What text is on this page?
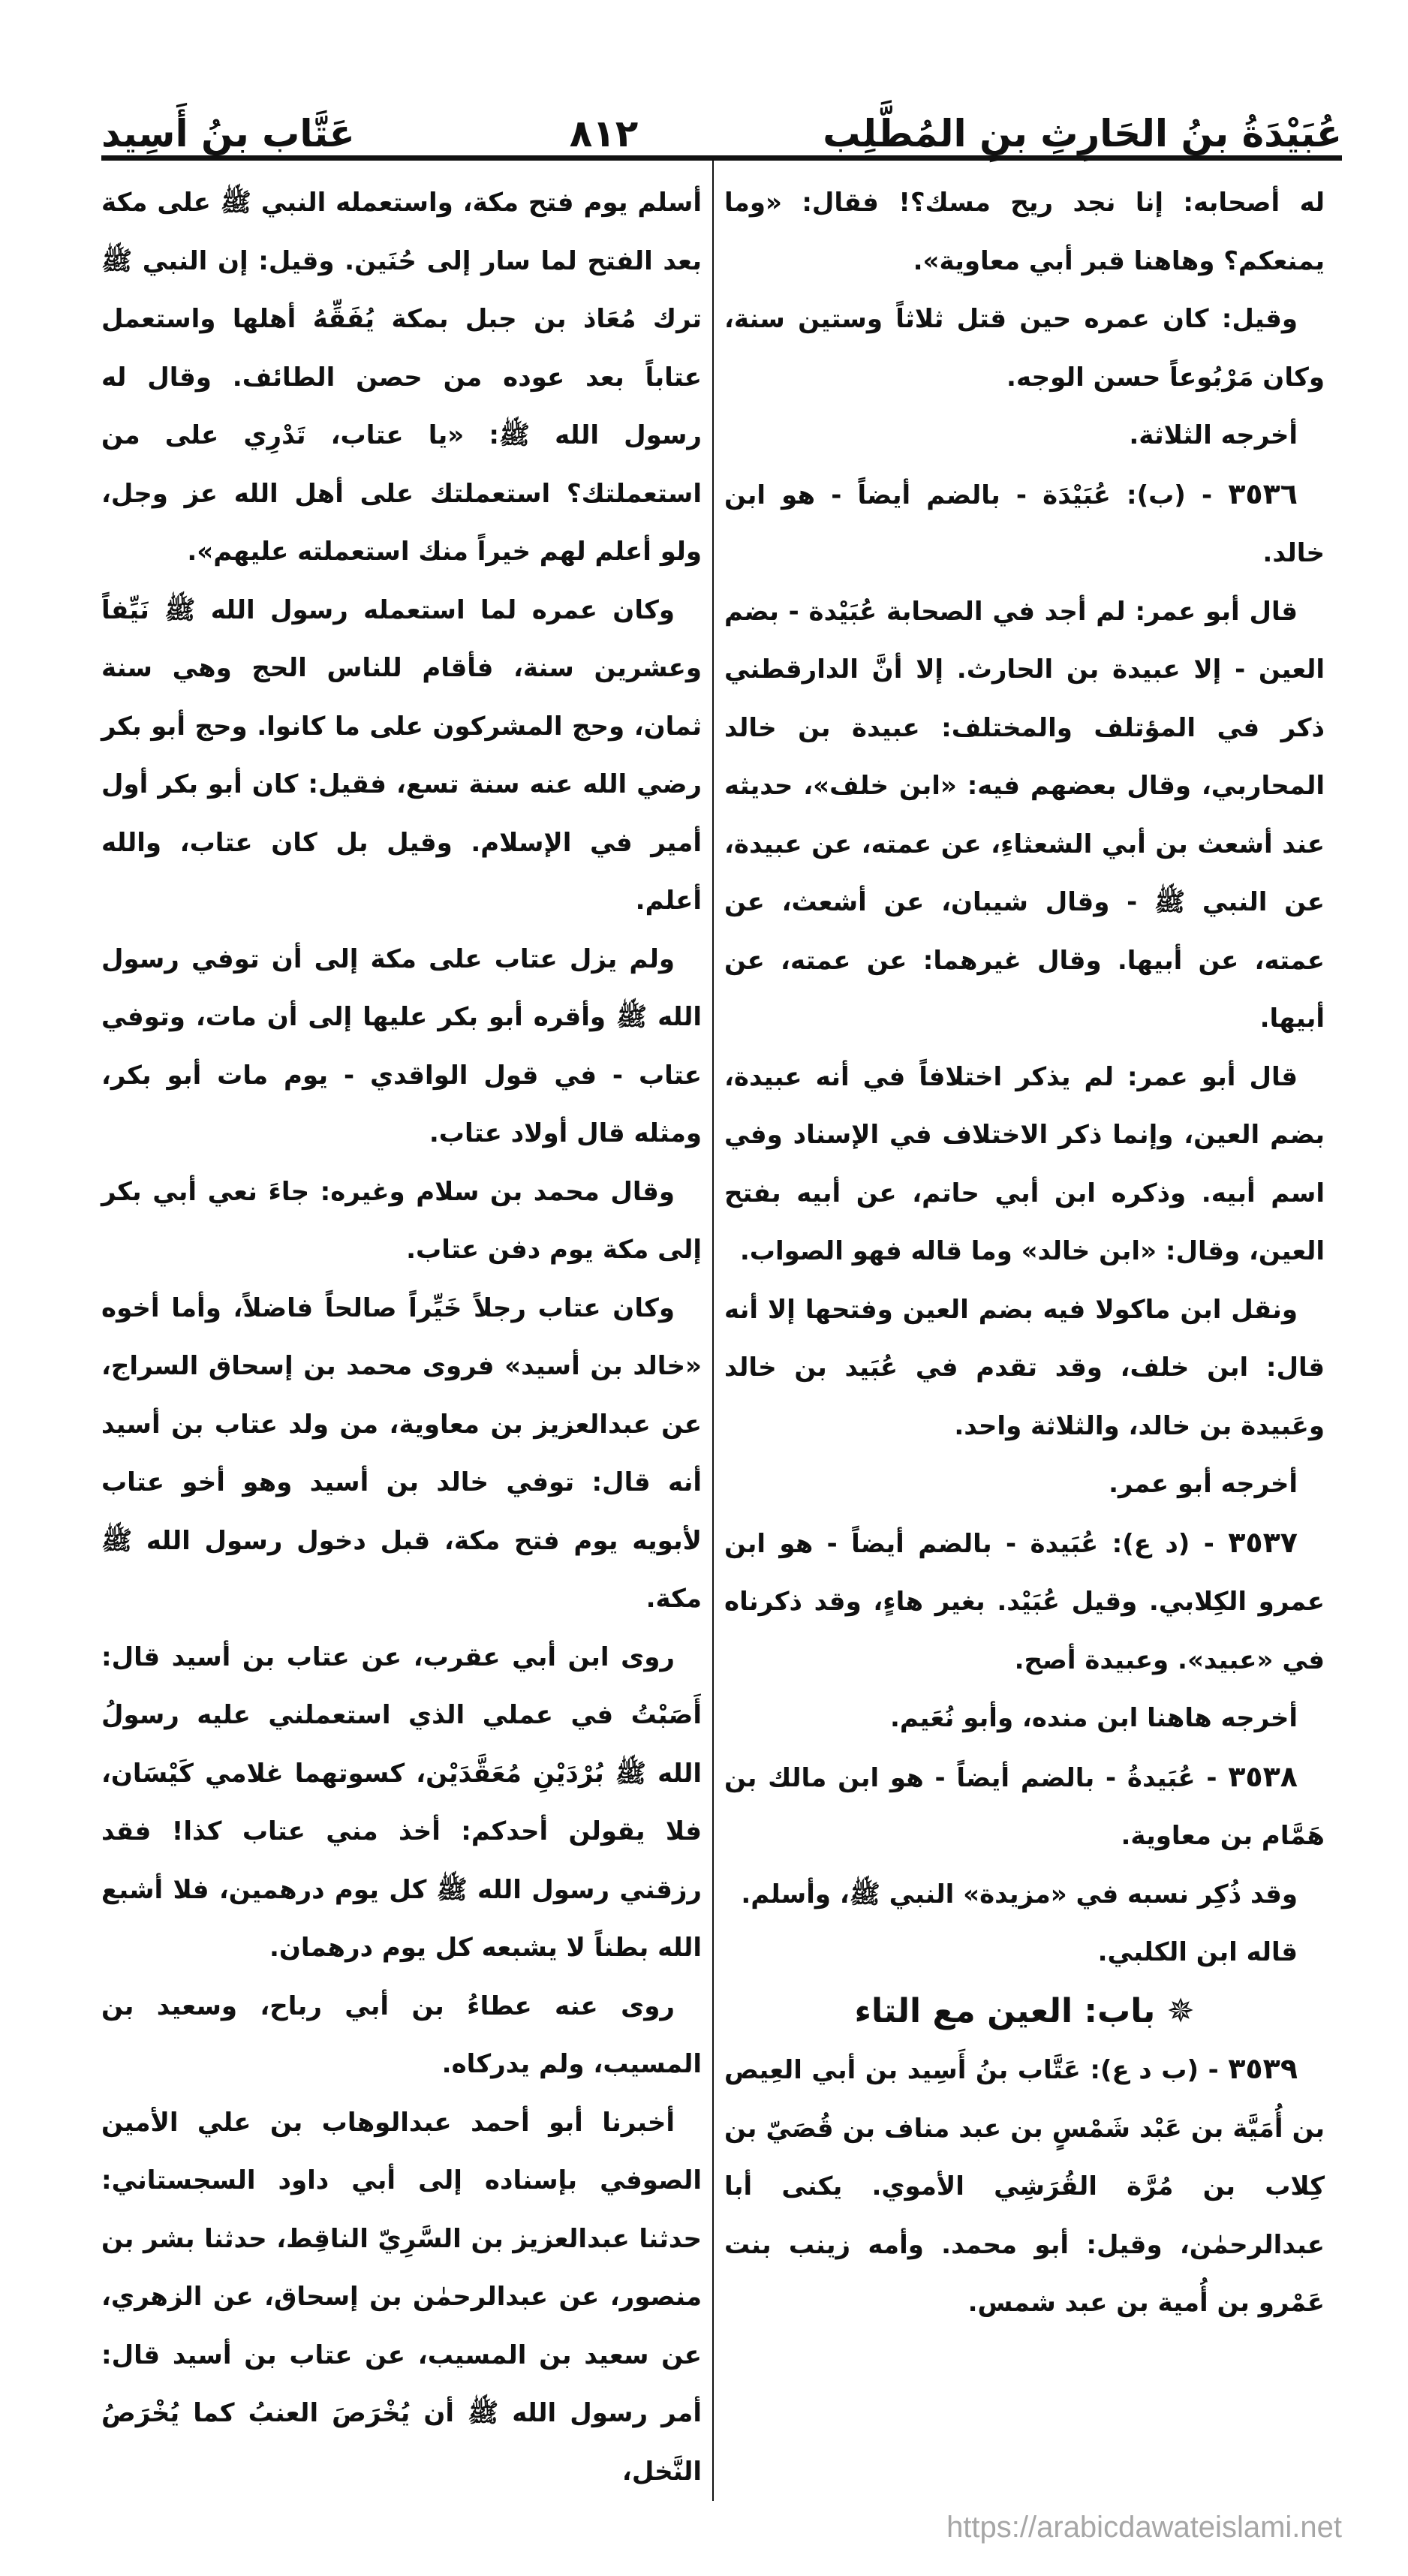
عَتَّاب بنُ أَسِيد	٨١٢	عُبَيْدَةُ بنُ الحَارِثِ بنِ المُطَّلِب

أسلم يوم فتح مكة، واستعمله النبي ﷺ على مكة بعد الفتح لما سار إلى حُنَين. وقيل: إن النبي ﷺ ترك مُعَاذ بن جبل بمكة يُفَقِّهُ أهلها واستعمل عتاباً بعد عوده من حصن الطائف. وقال له رسول الله ﷺ: «يا عتاب، تَدْرِي على من استعملتك؟ استعملتك على أهل الله عز وجل، ولو أعلم لهم خيراً منك استعملته عليهم».

وكان عمره لما استعمله رسول الله ﷺ نَيِّفاً وعشرين سنة، فأقام للناس الحج وهي سنة ثمان، وحج المشركون على ما كانوا. وحج أبو بكر رضي الله عنه سنة تسع، فقيل: كان أبو بكر أول أمير في الإسلام. وقيل بل كان عتاب، والله أعلم.

ولم يزل عتاب على مكة إلى أن توفي رسول الله ﷺ وأقره أبو بكر عليها إلى أن مات، وتوفي عتاب - في قول الواقدي - يوم مات أبو بكر، ومثله قال أولاد عتاب.

وقال محمد بن سلام وغيره: جاءَ نعي أبي بكر إلى مكة يوم دفن عتاب.

وكان عتاب رجلاً خَيِّراً صالحاً فاضلاً، وأما أخوه «خالد بن أسيد» فروى محمد بن إسحاق السراج، عن عبدالعزيز بن معاوية، من ولد عتاب بن أسيد أنه قال: توفي خالد بن أسيد وهو أخو عتاب لأبويه يوم فتح مكة، قبل دخول رسول الله ﷺ مكة.

روى ابن أبي عقرب، عن عتاب بن أسيد قال: أَصَبْتُ في عملي الذي استعملني عليه رسولُ الله ﷺ بُرْدَيْنِ مُعَقَّدَيْن، كسوتهما غلامي كَيْسَان، فلا يقولن أحدكم: أخذ مني عتاب كذا! فقد رزقني رسول الله ﷺ كل يوم درهمين، فلا أشبع الله بطناً لا يشبعه كل يوم درهمان.

روى عنه عطاءُ بن أبي رباح، وسعيد بن المسيب، ولم يدركاه.

أخبرنا أبو أحمد عبدالوهاب بن علي الأمين الصوفي بإسناده إلى أبي داود السجستاني: حدثنا عبدالعزيز بن السَّرِيّ الناقِط، حدثنا بشر بن منصور، عن عبدالرحمٰن بن إسحاق، عن الزهري، عن سعيد بن المسيب، عن عتاب بن أسيد قال: أمر رسول الله ﷺ أن يُخْرَصَ العنبُ كما يُخْرَصُ النَّخل،

له أصحابه: إنا نجد ريح مسك؟! فقال: «وما يمنعكم؟ وهاهنا قبر أبي معاوية».

وقيل: كان عمره حين قتل ثلاثاً وستين سنة، وكان مَرْبُوعاً حسن الوجه.

أخرجه الثلاثة.

٣٥٣٦ - (ب): عُبَيْدَة - بالضم أيضاً - هو ابن خالد.

قال أبو عمر: لم أجد في الصحابة عُبَيْدة - بضم العين - إلا عبيدة بن الحارث. إلا أنَّ الدارقطني ذكر في المؤتلف والمختلف: عبيدة بن خالد المحاربي، وقال بعضهم فيه: «ابن خلف»، حديثه عند أشعث بن أبي الشعثاءِ، عن عمته، عن عبيدة، عن النبي ﷺ - وقال شيبان، عن أشعث، عن عمته، عن أبيها. وقال غيرهما: عن عمته، عن أبيها.

قال أبو عمر: لم يذكر اختلافاً في أنه عبيدة، بضم العين، وإنما ذكر الاختلاف في الإسناد وفي اسم أبيه. وذكره ابن أبي حاتم، عن أبيه بفتح العين، وقال: «ابن خالد» وما قاله فهو الصواب.

ونقل ابن ماكولا فيه بضم العين وفتحها إلا أنه قال: ابن خلف، وقد تقدم في عُبَيد بن خالد وعَبيدة بن خالد، والثلاثة واحد.

أخرجه أبو عمر.

٣٥٣٧ - (د ع): عُبَيدة - بالضم أيضاً - هو ابن عمرو الكِلابي. وقيل عُبَيْد. بغير هاءٍ، وقد ذكرناه في «عبيد». وعبيدة أصح.

أخرجه هاهنا ابن منده، وأبو نُعَيم.

٣٥٣٨ - عُبَيدةُ - بالضم أيضاً - هو ابن مالك بن هَمَّام بن معاوية.

وقد ذُكِر نسبه في «مزيدة» النبي ﷺ، وأسلم.

قاله ابن الكلبي.

✵ باب: العين مع التاء

٣٥٣٩ - (ب د ع): عَتَّاب بنُ أَسِيد بن أبي العِيص بن أُمَيَّة بن عَبْد شَمْسٍ بن عبد مناف بن قُصَيّ بن كِلاب بن مُرَّة القُرَشِي الأموي. يكنى أبا عبدالرحمٰن، وقيل: أبو محمد. وأمه زينب بنت عَمْرو بن أُمية بن عبد شمس.

https://arabicdawateislami.net
